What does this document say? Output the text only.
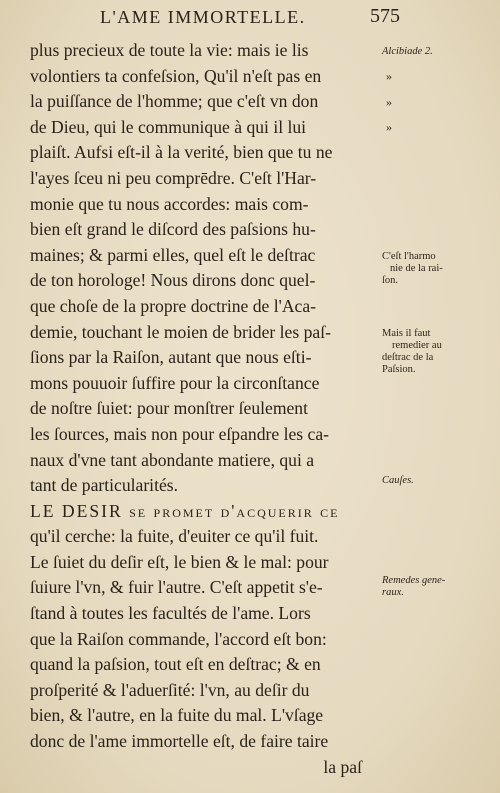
L'AME IMMORTELLE.	575
plus precieux de toute la vie: mais ie lis
volontiers ta confeſsion, Qu'il n'eſt pas en
la puiſſance de l'homme; que c'eſt vn don
de Dieu, qui le communique à qui il lui
plaiſt. Aufsi eſt-il à la verité, bien que tu ne
l'ayes ſceu ni peu comprēdre. C'eſt l'Har-
monie que tu nous accordes: mais com-
bien eſt grand le diſcord des paſsions hu-
maines; & parmi elles, quel eſt le deſtrac
de ton horologe! Nous dirons donc quel-
que choſe de la propre doctrine de l'Aca-
demie, touchant le moien de brider les paſ-
ſions par la Raiſon, autant que nous eſti-
mons pouuoir ſuffire pour la circonſtance
de noſtre ſuiet: pour monſtrer ſeulement
les ſources, mais non pour eſpandre les ca-
naux d'vne tant abondante matiere, qui a
tant de particularités.
LE DESIR ſe promet d'acquerir ce
qu'il cerche: la fuite, d'euiter ce qu'il fuit.
Le ſuiet du deſir eſt, le bien & le mal: pour
ſuiure l'vn, & fuir l'autre. C'eſt appetit s'e-
ſtand à toutes les facultés de l'ame. Lors
que la Raiſon commande, l'accord eſt bon:
quand la paſsion, tout eſt en deſtrac; & en
proſperité & l'aduerſité: l'vn, au deſir du
bien, & l'autre, en la fuite du mal. L'vſage
donc de l'ame immortelle eſt, de faire taire
la paſ
Alcibiade 2.
»
»
»
C'eſt l'harmo
nie de la rai-
ſon.
Mais il faut
remedier au
deſtrac de la
Paſsion.
Cauſes.
Remedes gene-
raux.
